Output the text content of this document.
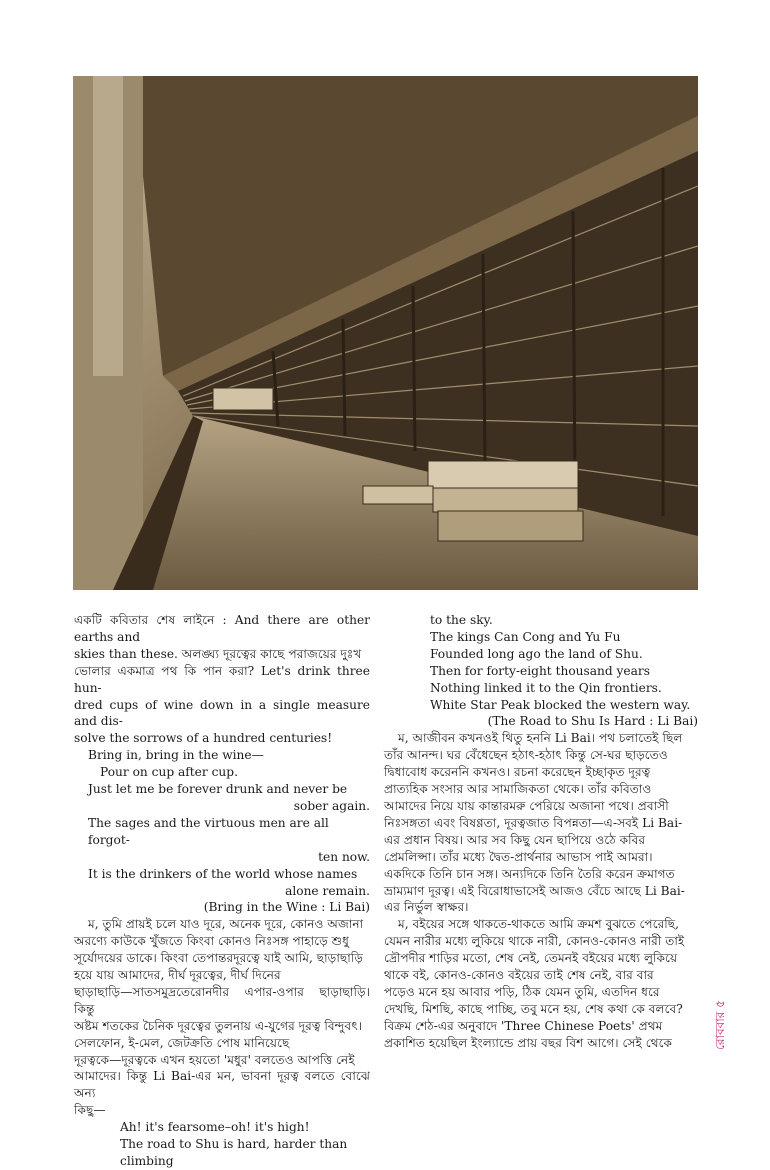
একটি কবিতার শেষ লাইনে : And there are other earths and

skies than these. অলঙ্ঘ্য দূরত্বের কাছে পরাজয়ের দুঃখ

ভোলার একমাত্র পথ কি পান করা? Let's drink three hun-

dred cups of wine down in a single measure and dis-

solve the sorrows of a hundred centuries!

Bring in, bring in the wine—

Pour on cup after cup.

Just let me be forever drunk and never be

sober again.

The sages and the virtuous men are all forgot-

ten now.

It is the drinkers of the world whose names

alone remain.

(Bring in the Wine : Li Bai)

ম, তুমি প্রায়ই চলে যাও দূরে, অনেক দূরে, কোনও অজানা

অরণ্যে কাউকে খুঁজতে কিংবা কোনও নিঃসঙ্গ পাহাড়ে শুধু

সূর্যোদয়ের ডাকে। কিংবা তেপান্তরদূরত্বে যাই আমি, ছাড়াছাড়ি

হয়ে যায় আমাদের, দীর্ঘ দূরত্বের, দীর্ঘ দিনের

ছাড়াছাড়ি—সাতসমুদ্রতেরোনদীর এপার-ওপার ছাড়াছাড়ি। কিন্তু

অষ্টম শতকের চৈনিক দূরত্বের তুলনায় এ-যুগের দূরত্ব বিন্দুবৎ।

সেলফোন, ই-মেল, জেটক্রতি পোষ মানিয়েছে

দূরত্বকে—দূরত্বকে এখন হয়তো 'মধুর' বলতেও আপত্তি নেই

আমাদের। কিন্তু Li Bai-এর মন, ভাবনা দূরত্ব বলতে বোঝে অন্য

কিছু—

Ah! it's fearsome–oh! it's high!

The road to Shu is hard, harder than climbing

to the sky.

The kings Can Cong and Yu Fu

Founded long ago the land of Shu.

Then for forty-eight thousand years

Nothing linked it to the Qin frontiers.

White Star Peak blocked the western way.

(The Road to Shu Is Hard : Li Bai)

ম, আজীবন কখনওই থিতু হননি Li Bai। পথ চলাতেই ছিল

তাঁর আনন্দ। ঘর বেঁধেছেন হঠাৎ-হঠাৎ কিন্তু সে-ঘর ছাড়তেও

দ্বিধাবোধ করেননি কখনও। রচনা করেছেন ইচ্ছাকৃত দূরত্ব

প্রাত্যহিক সংসার আর সামাজিকতা থেকে। তাঁর কবিতাও

আমাদের নিয়ে যায় কান্তারমরু পেরিয়ে অজানা পথে। প্রবাসী

নিঃসঙ্গতা এবং বিষণ্ণতা, দূরত্বজাত বিপন্নতা—এ-সবই Li Bai-

এর প্রধান বিষয়। আর সব কিছু যেন ছাপিয়ে ওঠে কবির

প্রেমলিপ্সা। তাঁর মধ্যে দ্বৈত-প্রার্থনার আভাস পাই আমরা।

একদিকে তিনি চান সঙ্গ। অন্যদিকে তিনি তৈরি করেন ক্রমাগত

ভ্রাম্যমাণ দূরত্ব। এই বিরোধাভাসেই আজও বেঁচে আছে Li Bai-

এর নির্ভুল স্বাক্ষর।

ম, বইয়ের সঙ্গে থাকতে-থাকতে আমি ক্রমশ বুঝতে পেরেছি,

যেমন নারীর মধ্যে লুকিয়ে থাকে নারী, কোনও-কোনও নারী তাই

দ্রৌপদীর শাড়ির মতো, শেষ নেই, তেমনই বইয়ের মধ্যে লুকিয়ে

থাকে বই, কোনও-কোনও বইয়ের তাই শেষ নেই, বার বার

পড়েও মনে হয় আবার পড়ি, ঠিক যেমন তুমি, এতদিন ধরে

দেখছি, মিশছি, কাছে পাচ্ছি, তবু মনে হয়, শেষ কথা কে বলবে?

বিক্রম শেঠ-এর অনুবাদে 'Three Chinese Poets' প্রথম

প্রকাশিত হয়েছিল ইংল্যান্ডে প্রায় বছর বিশ আগে। সেই থেকে	রোববার ৫
